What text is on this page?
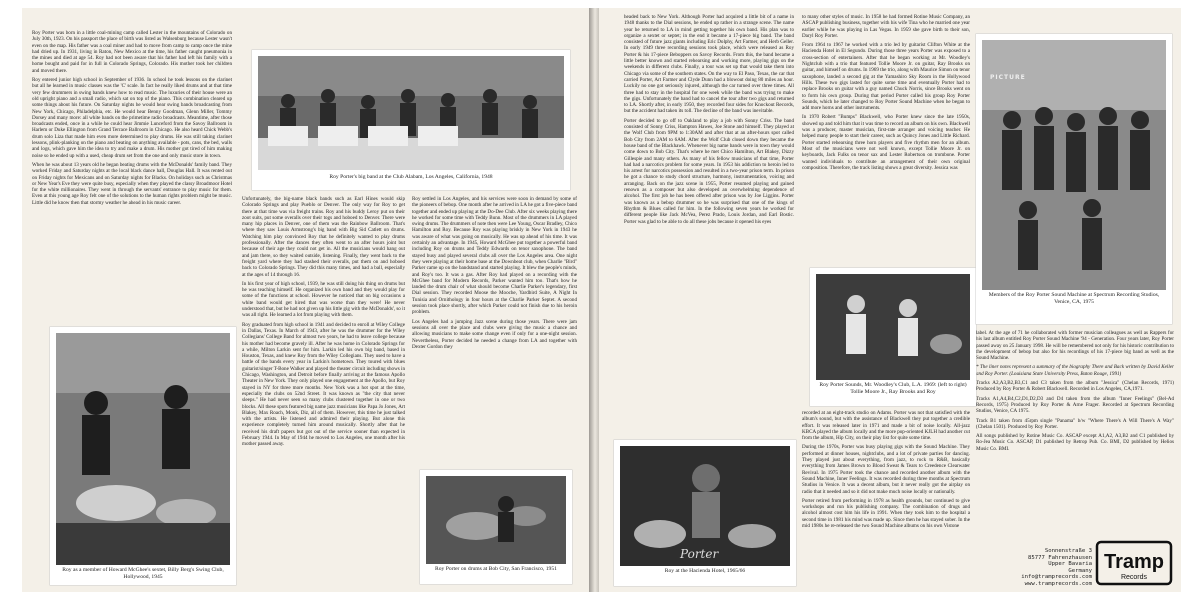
Roy Porter was born in a little coal-mining camp called Lester in the mountains of Colorado on July 30th, 1923. On his passport the place of birth was listed as Walsenburg because Lester wasn't even on the map. His father was a coal miner and had to move from camp to camp once the mine had dried up. In 1931, living in Raton, New Mexico at the time, his father caught pneumonia in the mines and died at age 54. Roy had not been aware that his father had left his family with a home bought and paid for in full in Colorado Springs, Colorado. His mother took her children and moved there.

Roy entered junior high school in September of 1936. In school he took lessons on the clarinet but all he learned in music classes was the 'C' scale. In fact he really liked drums and at that time very few drummers in swing bands knew how to read music. The luxuries of their house were an old upright piano and a small radio, which sat on top of the piano. This combination cleared up some things about his future. On Saturday nights he would hear swing bands broadcasting from New York, Chicago, Philadelphia, etc. He would hear Benny Goodman, Glenn Miller, Tommy Dorsey and many more: all white bands on the primetime radio broadcasts. Meantime, after those broadcasts ended, once in a while he could hear Jimmie Lunceford from the Savoy Ballroom in Harlem or Duke Ellington from Grand Terrace Ballroom in Chicago. He also heard Chick Webb's drum solo Liza that made him even more determined to play drums. He was still taking clarinet lessons, plink-planking on the piano and beating on anything available - pots, cans, the bed, walls and logs, which gave him the idea to try and make a drum. His mother got tired of him making noise so he ended up with a used, cheap drum set from the one and only music store in town.

When he was about 13 years old he began beating drums with the McDonalds' family band. They worked Friday and Saturday nights at the local black dance hall, Douglas Hall. It was rented out on Friday nights for Mexicans and on Saturday nights for Blacks. On holidays such as Christmas or New Year's Eve they were quite busy, especially when they played the classy Broadmoor Hotel for the white millionaires. They went in through the servants' entrance to play music for them. Even at this young age Roy felt one of the solutions to the human rights problem might be music. Little did he know then that stormy weather he ahead in his music career.

Unfortunately, the big-name black bands such as Earl Hines would skip Colorado Springs and play Pueblo or Denver. The only way for Roy to get there at that time was via freight trains. Roy and his buddy Leroy put on their zoot suits, put some overalls over their togs and hoboed to Denver. There were many hip places in Denver, one of them was the Rainbow Ballroom. That's where they saw Louis Armstrong's big band with Big Sid Catlett on drums. Watching him play convinced Roy that he definitely wanted to play drums professionally. After the dances they often went to an after hours joint but because of their age they could not get in. All the musicians would hang out and jam there, so they waited outside, listening. Finally, they went back to the freight yard where they had stashed their overalls, put them on and hoboed back to Colorado Springs. They did this many times, and had a ball, especially at the ages of 14 through 16.

In his first year of high school, 1939, he was still doing his thing on drums but he was teaching himself. He organized his own band and they would play for some of the functions at school. However he noticed that on big occasions a white band would get hired that was worse than they were! He never understood that, but he had not given up his little gig with the McDonalds', so it was all right. He learned a lot from playing with them.

Roy graduated from high school in 1941 and decided to enroll at Wiley College in Dallas, Texas. In March of 1943, after he was the drummer for the Wiley Collegians' College Band for almost two years, he had to leave college because his mother had become gravely ill. After he was home in Colorado Springs for a while, Milton Larkin sent for him. Larkin led his own big band, based in Houston, Texas, and knew Roy from the Wiley Collegians. They used to have a battle of the bands every year in Larkin's hometown. They toured with blues guitarist/singer T-Bone Walker and played the theater circuit including shows in Chicago, Washington, and Detroit before finally arriving at the famous Apollo Theater in New York. They only played one engagement at the Apollo, but Roy stayed in NY for three more months. New York was a hot spot at the time, especially the clubs on 52nd Street. It was known as "the city that never sleeps." He had never seen so many clubs clustered together in one or two blocks. All these spots featured big name jazz musicians like Papa Jo Jones, Art Blakey, Max Roach, Monk, Diz, all of them. However, this time he just talked with the artists. He listened and admired their playing. But alone this experience completely turned him around musically. Shortly after that he received his draft papers but got out of the service sooner than expected in February 1944. In May of 1944 he moved to Los Angeles, one month after his mother passed away.

Roy settled in Los Angeles, and his services were soon in demand by some of the pioneers of bebop. One month after he arrived in LA he got a five-piece band together and ended up playing at the Do-Dee Club. After six weeks playing there he worked for some time with Teddy Bunn. Most of the drummers in LA played swing drums. The drummers of note then were Lee Young, Oscar Bradley, Chico Hamilton and Roy. Because Roy was playing briskly in New York in 1943 he was aware of what was going on musically. He was up ahead of his time. It was certainly an advantage. In 1945, Howard McGhee put together a powerful band including Roy on drums and Teddy Edwards on tenor saxophone. The band stayed busy and played several clubs all over the Los Angeles area. One night they were playing at their home base at the Downbeat club, when Charlie "Bird" Parker came up on the bandstand and started playing. It blew the people's minds, and Roy's too. It was a gas. After Roy had played on a recording with the McGhee band for Modern Records, Parker wanted him too. That's how he landed the drum chair of what should become Charlie Parker's legendary, first Dial session. They recorded Moose the Mooche, Yardbird Suite, A Night In Tunisia and Ornithology in four hours at the Charlie Parker Septet. A second session took place shortly, after which Parker could not finish due to his heroin problem.

Los Angeles had a jumping Jazz scene during those years. There were jam sessions all over the place and clubs were giving the music a chance and allowing musicians to make some change even if only for a one-night session. Nevertheless, Porter decided he needed a change from LA and together with Dexter Gordon they

Roy Porter's big band at the Club Alabam, Los Angeles, California, 1948
Roy as a member of Howard McGhee's sextet, Billy Berg's Swing Club, Hollywood, 1945
Roy Porter on drums at Bob City, San Francisco, 1951

headed back to New York. Although Porter had acquired a little bit of a name in 1948 thanks to the Dial sessions, he ended up rather in a strange scene. The name year he returned to LA in mind getting together his own band. His plan was to organize a sextet or septet; in the end it became a 17-piece big band. The band consisted of future jazz giants including Eric Dolphy, Art Farmer, and Herb Geller. In early 1949 three recording sessions took place, which were released as Roy Porter & his 17-piece Beboppers on Savoy Records. From this, the band became a little better known and started rehearsing and working more, playing gigs on the weekends in different clubs. Finally, a tour was set up that would take them into Chicago via some of the southern states. On the way to El Paso, Texas, the car that carried Porter, Art Farmer and Clyde Dunn had a blowout doing 80 miles an hour. Luckily no one got seriously injured, although the car turned over three times. All three had to stay in the hospital for one week while the band was trying to make the gigs. Unfortunately the band had to cancel the tour after two gigs and returned to LA. Shortly after, in early 1950, they recorded four sides for Knockout Records, but the accident had taken its toll. The decline of the band was inevitable.

Porter decided to go off to Oakland to play a job with Sonny Criss. The band consisted of Sonny Criss, Hampton Hawes, Joe Stone and himself. They played at the Wolf Club from 9PM to 1:30AM and after that at an after-hours spot called Bob City from 2AM to 6AM. After the Wolf Club closed down they became the house band of the Blackhawk. Whenever big name bands were in town they would come down to Bob City. That's where he met Chico Hamilton, Art Blakey, Dizzy Gillespie and many others. As many of his fellow musicians of that time, Porter had had a narcotics problem for some years. In 1953 his addiction to heroin led to his arrest for narcotics possession and resulted in a two-year prison term. In prison he got a chance to study chord structure, harmony, instrumentation, voicing and arranging. Back on the jazz scene in 1955, Porter resumed playing and gained renown as a composer but also developed an overwhelming dependence of alcohol. The first job he has been offered after prison was by Joe Liggins. Porter was known as a bebop drummer so he was surprised that one of the kings of Rhythm & Blues called for him. In the following seven years he worked for different people like Jack McVea, Perez Prado, Louis Jordan, and Earl Bostic. Porter was glad to be able to do all these jobs because it opened his eyes

to many other styles of music. In 1958 he had formed Rotine Music Company, an ASCAP publishing business, together with his wife Tina who he married one year earlier while he was playing in Las Vegas. In 1959 she gave birth to their son, Daryl Roy Porter.

From 1964 to 1967 he worked with a trio led by guitarist Clifton White at the Hacienda Hotel in El Segundo. During those three years Porter was exposed to a cross-section of entertainers. After that he began working at Mr. Woodley's Nightclub with a trio that featured Tollie Moore Jr. on guitar, Ray Brooks on guitar, and himself on drums. In 1969 the trio, along with Maurice Simon on tenor saxophone, landed a second gig at the Yamashiro Sky Room in the Hollywood Hills. These two gigs lasted for quite some time and eventually Porter had to replace Brooks on guitar with a guy named Chuck Norris, since Brooks went on to form his own group. During that period Porter called his group Roy Porter Sounds, which he later changed to Roy Porter Sound Machine when he began to add more horns and other instruments.

In 1970 Robert "Bumps" Blackwell, who Porter knew since the late 1950s, showed up and told him that it was time to record an album on his own. Blackwell was a producer, master musician, first-rate arranger and voicing teacher. He helped many people to start their career, such as Quincy Jones and Little Richard. Porter started rehearsing three horn players and five rhythm men for an album. Most of the musicians were not well known, except Tollie Moore Jr. on keyboards, Jack Fulks on tenor sax and Lester Robertson on trombone. Porter wanted individuals to contribute an arrangement of their own original composition. Therefore, the track listing shows a great diversity. Jessica was

recorded at an eight-track studio on Adams. Porter was not that satisfied with the album's sound, but with the assistance of Blackwell they put together a credible effort. It was released later in 1971 and made a bit of noise locally. All-jazz KBCA played the album locally and the more pop-oriented KJLH had another cut from the album, Hip City, on their play list for quite some time.

During the 1970s, Porter was busy playing gigs with the Sound Machine. They performed at dinner houses, nightclubs, and a lot of private parties for dancing. They played just about everything, from jazz, to rock to R&B, basically everything from James Brown to Blood Sweat & Tears to Creedence Clearwater Revival. In 1975 Porter took the chance and recorded another album with the Sound Machine, Inner Feelings. It was recorded during three months at Spectrum Studios in Venice. It was a decent album, but it never really got the airplay on radio that it needed and so it did not make much noise locally or nationally.

Porter retired from performing in 1978 as health grounds, but continued to give workshops and run his publishing company. The combination of drugs and alcohol almost cost him his life in 1991. When they took him to the hospital a second time in 1981 his mind was made up. Since then he has stayed sober. In the mid 1980s he re-released the two Sound Machine albums on his own Vistone

label. At the age of 71 he collaborated with former musician colleagues as well as Rappers for his last album entitled Roy Porter Sound Machine '94 - Generation. Four years later, Roy Porter passed away on 25 January 1998. He will be remembered not only for his historic contribution to the development of bebop but also for his recordings of his 17-piece big band as well as the Sound Machine.

* The liner notes represent a summary of the biography There and Back written by David Keller and Roy Porter. (Louisiana State University Press, Baton Rouge, 1991)

Tracks A2,A3,B2,B3,C1 and C3 taken from the album "Jessica" (Chelan Records, 1971) Produced by Roy Porter & Robert Blackwell. Recorded in Los Angeles, CA,1971.

Tracks A1,A4,B4,C2,D1,D2,D3 and D4 taken from the album "Inner Feelings" (Bel-Ad Records, 1975) Produced by Roy Porter & Arne Frager. Recorded at Spectrum Recording Studios, Venice, CA 1975.

Track B1 taken from 45rpm single "Panama" b/w "Where There's A Will There's A Way" (Chelan 1501). Produced by Roy Porter.

All songs published by Rotine Music Co. ASCAP except A1,A2, A3,B2 and C1 published by Ro-Jea Music Co. ASCAP, D1 published by Retrop Pub. Co. BMI, D2 published by Helios Music Co. BMI.

Roy Porter Sounds, Mr. Woodley's Club, L.A. 1969: (left to right) Tollie Moore Jr., Ray Brooks and Roy
Porter
Roy at the Hacienda Hotel, 1965/66
PICTURE
Members of the Roy Porter Sound Machine at Spectrum Recording Studios, Venice, CA, 1975
Sonnenstraße 3
85777 Fahrenzhausen
Upper Bavaria
Germany
info@tramprecords.com
www.tramprecords.com
Tramp
Records
